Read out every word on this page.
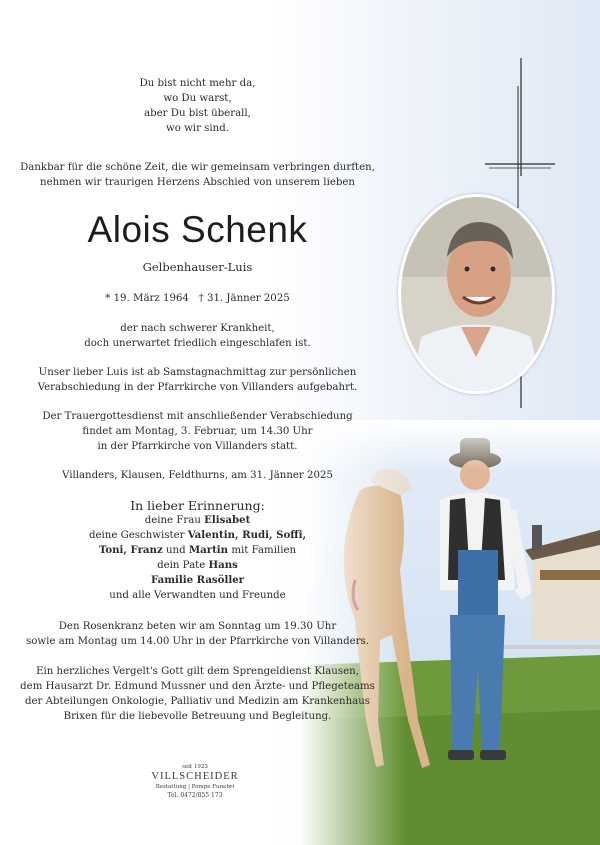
Du bist nicht mehr da,
wo Du warst,
aber Du bist überall,
wo wir sind.
Dankbar für die schöne Zeit, die wir gemeinsam verbringen durften,
nehmen wir traurigen Herzens Abschied von unserem lieben
Alois Schenk
Gelbenhauser-Luis
* 19. März 1964 † 31. Jänner 2025
der nach schwerer Krankheit,
doch unerwartet friedlich eingeschlafen ist.
Unser lieber Luis ist ab Samstagnachmittag zur persönlichen
Verabschiedung in der Pfarrkirche von Villanders aufgebahrt.
Der Trauergottesdienst mit anschließender Verabschiedung
findet am Montag, 3. Februar, um 14.30 Uhr
in der Pfarrkirche von Villanders statt.
Villanders, Klausen, Feldthurns, am 31. Jänner 2025
In lieber Erinnerung:
deine Frau Elisabet
deine Geschwister Valentin, Rudi, Soffi,
Toni, Franz und Martin mit Familien
dein Pate Hans
Familie Rasöller
und alle Verwandten und Freunde
Den Rosenkranz beten wir am Sonntag um 19.30 Uhr
sowie am Montag um 14.00 Uhr in der Pfarrkirche von Villanders.
Ein herzliches Vergelt's Gott gilt dem Sprengeldienst Klausen,
dem Hausarzt Dr. Edmund Mussner und den Ärzte- und Pflegeteams
der Abteilungen Onkologie, Palliativ und Medizin am Krankenhaus
Brixen für die liebevolle Betreuung und Begleitung.
seit 1923
VILLSCHEIDER
Bestattung | Pompe Funebri
Tel. 0472/855 173
